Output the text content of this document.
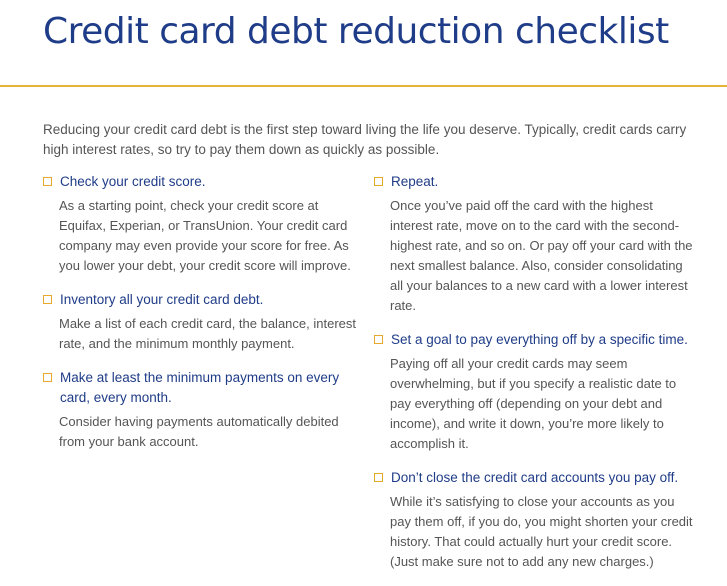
Credit card debt reduction checklist
Reducing your credit card debt is the first step toward living the life you deserve. Typically, credit cards carry high interest rates, so try to pay them down as quickly as possible.
Check your credit score.
As a starting point, check your credit score at Equifax, Experian, or TransUnion. Your credit card company may even provide your score for free. As you lower your debt, your credit score will improve.
Inventory all your credit card debt.
Make a list of each credit card, the balance, interest rate, and the minimum monthly payment.
Make at least the minimum payments on every card, every month.
Consider having payments automatically debited from your bank account.
Repeat.
Once you’ve paid off the card with the highest interest rate, move on to the card with the second-highest rate, and so on. Or pay off your card with the next smallest balance. Also, consider consolidating all your balances to a new card with a lower interest rate.
Set a goal to pay everything off by a specific time.
Paying off all your credit cards may seem overwhelming, but if you specify a realistic date to pay everything off (depending on your debt and income), and write it down, you’re more likely to accomplish it.
Don’t close the credit card accounts you pay off.
While it’s satisfying to close your accounts as you pay them off, if you do, you might shorten your credit history. That could actually hurt your credit score. (Just make sure not to add any new charges.)
